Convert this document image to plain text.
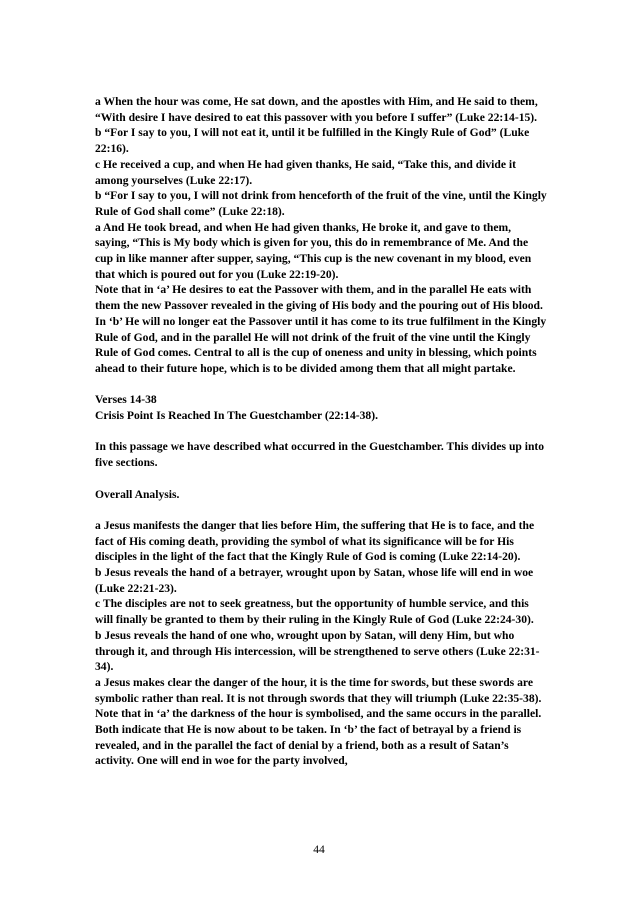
a When the hour was come, He sat down, and the apostles with Him, and He said to them, “With desire I have desired to eat this passover with you before I suffer” (Luke 22:14-15).

b “For I say to you, I will not eat it, until it be fulfilled in the Kingly Rule of God” (Luke 22:16).

c He received a cup, and when He had given thanks, He said, “Take this, and divide it among yourselves (Luke 22:17).

b “For I say to you, I will not drink from henceforth of the fruit of the vine, until the Kingly Rule of God shall come” (Luke 22:18).

a And He took bread, and when He had given thanks, He broke it, and gave to them, saying, “This is My body which is given for you, this do in remembrance of Me. And the cup in like manner after supper, saying, “This cup is the new covenant in my blood, even that which is poured out for you (Luke 22:19-20).

Note that in ‘a’ He desires to eat the Passover with them, and in the parallel He eats with them the new Passover revealed in the giving of His body and the pouring out of His blood. In ‘b’ He will no longer eat the Passover until it has come to its true fulfilment in the Kingly Rule of God, and in the parallel He will not drink of the fruit of the vine until the Kingly Rule of God comes. Central to all is the cup of oneness and unity in blessing, which points ahead to their future hope, which is to be divided among them that all might partake.

Verses 14-38

Crisis Point Is Reached In The Guestchamber (22:14-38).

In this passage we have described what occurred in the Guestchamber. This divides up into five sections.

Overall Analysis.

a Jesus manifests the danger that lies before Him, the suffering that He is to face, and the fact of His coming death, providing the symbol of what its significance will be for His disciples in the light of the fact that the Kingly Rule of God is coming (Luke 22:14-20).

b Jesus reveals the hand of a betrayer, wrought upon by Satan, whose life will end in woe (Luke 22:21-23).

c The disciples are not to seek greatness, but the opportunity of humble service, and this will finally be granted to them by their ruling in the Kingly Rule of God (Luke 22:24-30).

b Jesus reveals the hand of one who, wrought upon by Satan, will deny Him, but who through it, and through His intercession, will be strengthened to serve others (Luke 22:31-34).

a Jesus makes clear the danger of the hour, it is the time for swords, but these swords are symbolic rather than real. It is not through swords that they will triumph (Luke 22:35-38).

Note that in ‘a’ the darkness of the hour is symbolised, and the same occurs in the parallel. Both indicate that He is now about to be taken. In ‘b’ the fact of betrayal by a friend is revealed, and in the parallel the fact of denial by a friend, both as a result of Satan’s activity. One will end in woe for the party involved,

44
